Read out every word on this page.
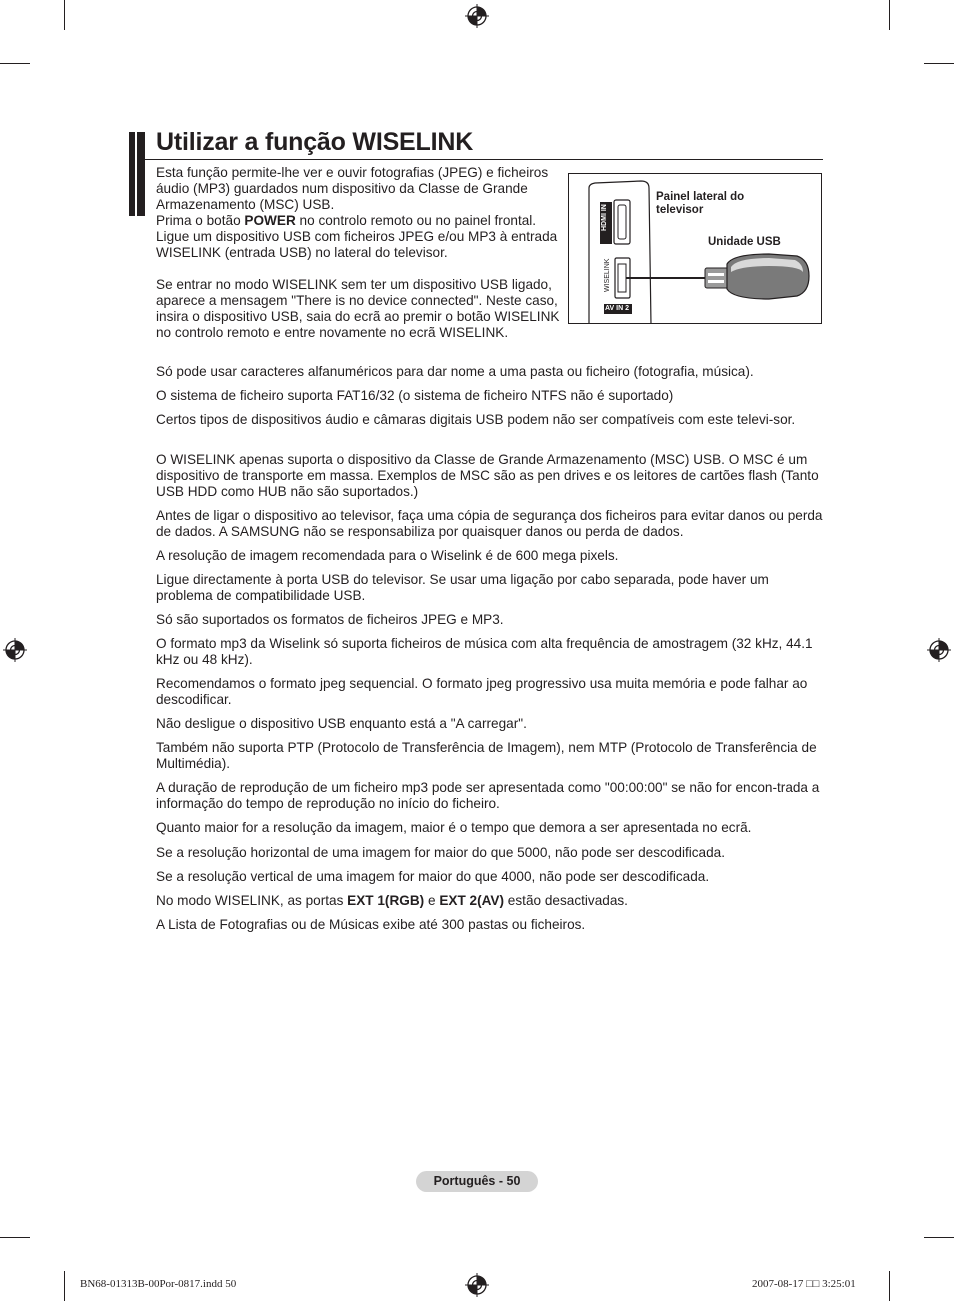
Utilizar a função WISELINK

Esta função permite-lhe ver e ouvir fotografias (JPEG) e ficheiros áudio (MP3) guardados num dispositivo da Classe de Grande Armazenamento (MSC) USB.

Prima o botão POWER no controlo remoto ou no painel frontal.

Ligue um dispositivo USB com ficheiros JPEG e/ou MP3 à entrada WISELINK (entrada USB) no lateral do televisor.

Se entrar no modo WISELINK sem ter um dispositivo USB ligado, aparece a mensagem "There is no device connected". Neste caso, insira o dispositivo USB, saia do ecrã ao premir o botão WISELINK no controlo remoto e entre novamente no ecrã WISELINK.

HDMI IN 3
WISELINK
AV IN 2
Painel lateral do televisor
Unidade USB

Só pode usar caracteres alfanuméricos para dar nome a uma pasta ou ficheiro (fotografia, música).

O sistema de ficheiro suporta FAT16/32 (o sistema de ficheiro NTFS não é suportado)

Certos tipos de dispositivos áudio e câmaras digitais USB podem não ser compatíveis com este televi-sor.

O WISELINK apenas suporta o dispositivo da Classe de Grande Armazenamento (MSC) USB. O MSC é um dispositivo de transporte em massa. Exemplos de MSC são as pen drives e os leitores de cartões flash (Tanto USB HDD como HUB não são suportados.)

Antes de ligar o dispositivo ao televisor, faça uma cópia de segurança dos ficheiros para evitar danos ou perda de dados. A SAMSUNG não se responsabiliza por quaisquer danos ou perda de dados.

A resolução de imagem recomendada para o Wiselink é de 600 mega pixels.

Ligue directamente à porta USB do televisor. Se usar uma ligação por cabo separada, pode haver um problema de compatibilidade USB.

Só são suportados os formatos de ficheiros JPEG e MP3.

O formato mp3 da Wiselink só suporta ficheiros de música com alta frequência de amostragem (32 kHz, 44.1 kHz ou 48 kHz).

Recomendamos o formato jpeg sequencial. O formato jpeg progressivo usa muita memória e pode falhar ao descodificar.

Não desligue o dispositivo USB enquanto está a "A carregar".

Também não suporta PTP (Protocolo de Transferência de Imagem), nem MTP (Protocolo de Transferência de Multimédia).

A duração de reprodução de um ficheiro mp3 pode ser apresentada como "00:00:00" se não for encon-trada a informação do tempo de reprodução no início do ficheiro.

Quanto maior for a resolução da imagem, maior é o tempo que demora a ser apresentada no ecrã.

Se a resolução horizontal de uma imagem for maior do que 5000, não pode ser descodificada.

Se a resolução vertical de uma imagem for maior do que 4000, não pode ser descodificada.

No modo WISELINK, as portas EXT 1(RGB) e EXT 2(AV) estão desactivadas.

A Lista de Fotografias ou de Músicas exibe até 300 pastas ou ficheiros.

Português - 50
BN68-01313B-00Por-0817.indd 50	2007-08-17 □□ 3:25:01
